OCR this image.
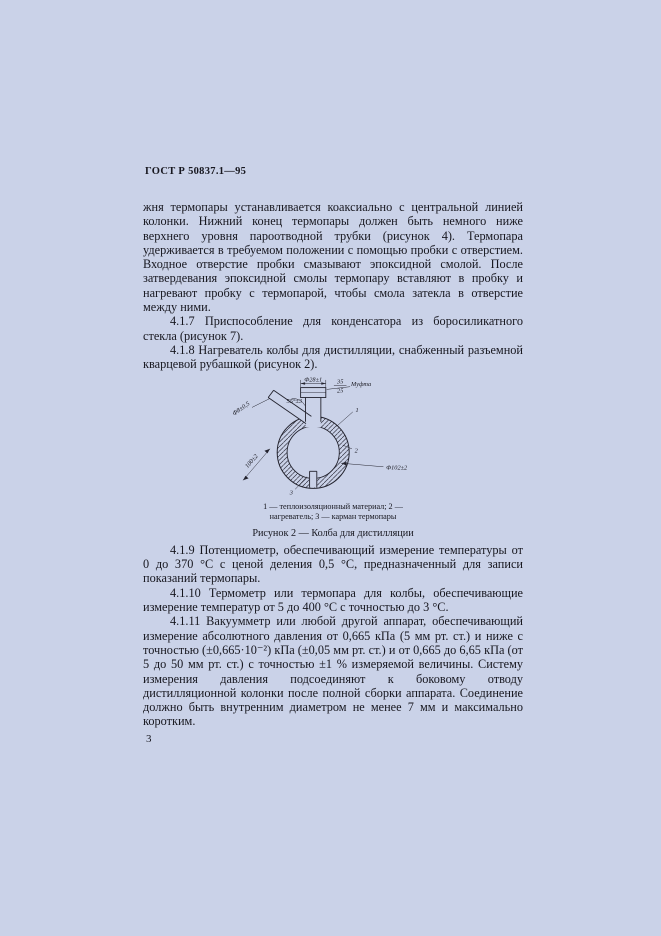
ГОСТ Р 50837.1—95

жня термопары устанавливается коаксиально с центральной линией колонки. Нижний конец термопары должен быть немного ниже верхнего уровня пароотводной трубки (рисунок 4). Термопара удерживается в требуемом положении с помощью пробки с отверстием. Входное отверстие пробки смазывают эпоксидной смолой. После затвердевания эпоксидной смолы термопару вставляют в пробку и нагревают пробку с термопарой, чтобы смола затекла в отверстие между ними.

4.1.7 Приспособление для конденсатора из боросиликатного стекла (рисунок 7).

4.1.8 Нагреватель колбы для дистилляции, снабженный разъемной кварцевой рубашкой (рисунок 2).

Ф28±1 35
25
Муфта
55°±3
Ф8±0,5	1
2
3
Ф102±2
100±2
1 — теплоизоляционный материал; 2 — нагреватель; 3 — карман термопары
Рисунок 2 — Колба для дистилляции

4.1.9 Потенциометр, обеспечивающий измерение температуры от 0 до 370 °С с ценой деления 0,5 °С, предназначенный для записи показаний термопары.

4.1.10 Термометр или термопара для колбы, обеспечивающие измерение температур от 5 до 400 °С с точностью до 3 °С.

4.1.11 Вакуумметр или любой другой аппарат, обеспечивающий измерение абсолютного давления от 0,665 кПа (5 мм рт. ст.) и ниже с точностью (±0,665·10⁻²) кПа (±0,05 мм рт. ст.) и от 0,665 до 6,65 кПа (от 5 до 50 мм рт. ст.) с точностью ±1 % измеряемой величины. Систему измерения давления подсоединяют к боковому отводу дистилляционной колонки после полной сборки аппарата. Соединение должно быть внутренним диаметром не менее 7 мм и максимально коротким.

3
